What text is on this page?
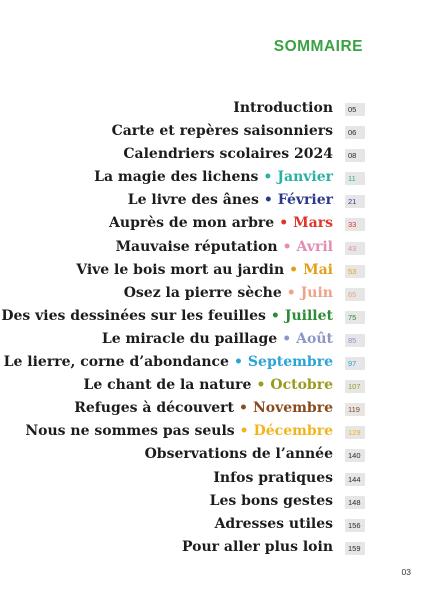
SOMMAIRE
Introduction	05
Carte et repères saisonniers	06
Calendriers scolaires 2024	08
La magie des lichens • Janvier	11
Le livre des ânes • Février	21
Auprès de mon arbre • Mars	33
Mauvaise réputation • Avril	43
Vive le bois mort au jardin • Mai	53
Osez la pierre sèche • Juin	65
Des vies dessinées sur les feuilles • Juillet	75
Le miracle du paillage • Août	85
Le lierre, corne d’abondance • Septembre	97
Le chant de la nature • Octobre	107
Refuges à découvert • Novembre	119
Nous ne sommes pas seuls • Décembre	129
Observations de l’année	140
Infos pratiques	144
Les bons gestes	148
Adresses utiles	156
Pour aller plus loin	159
03
